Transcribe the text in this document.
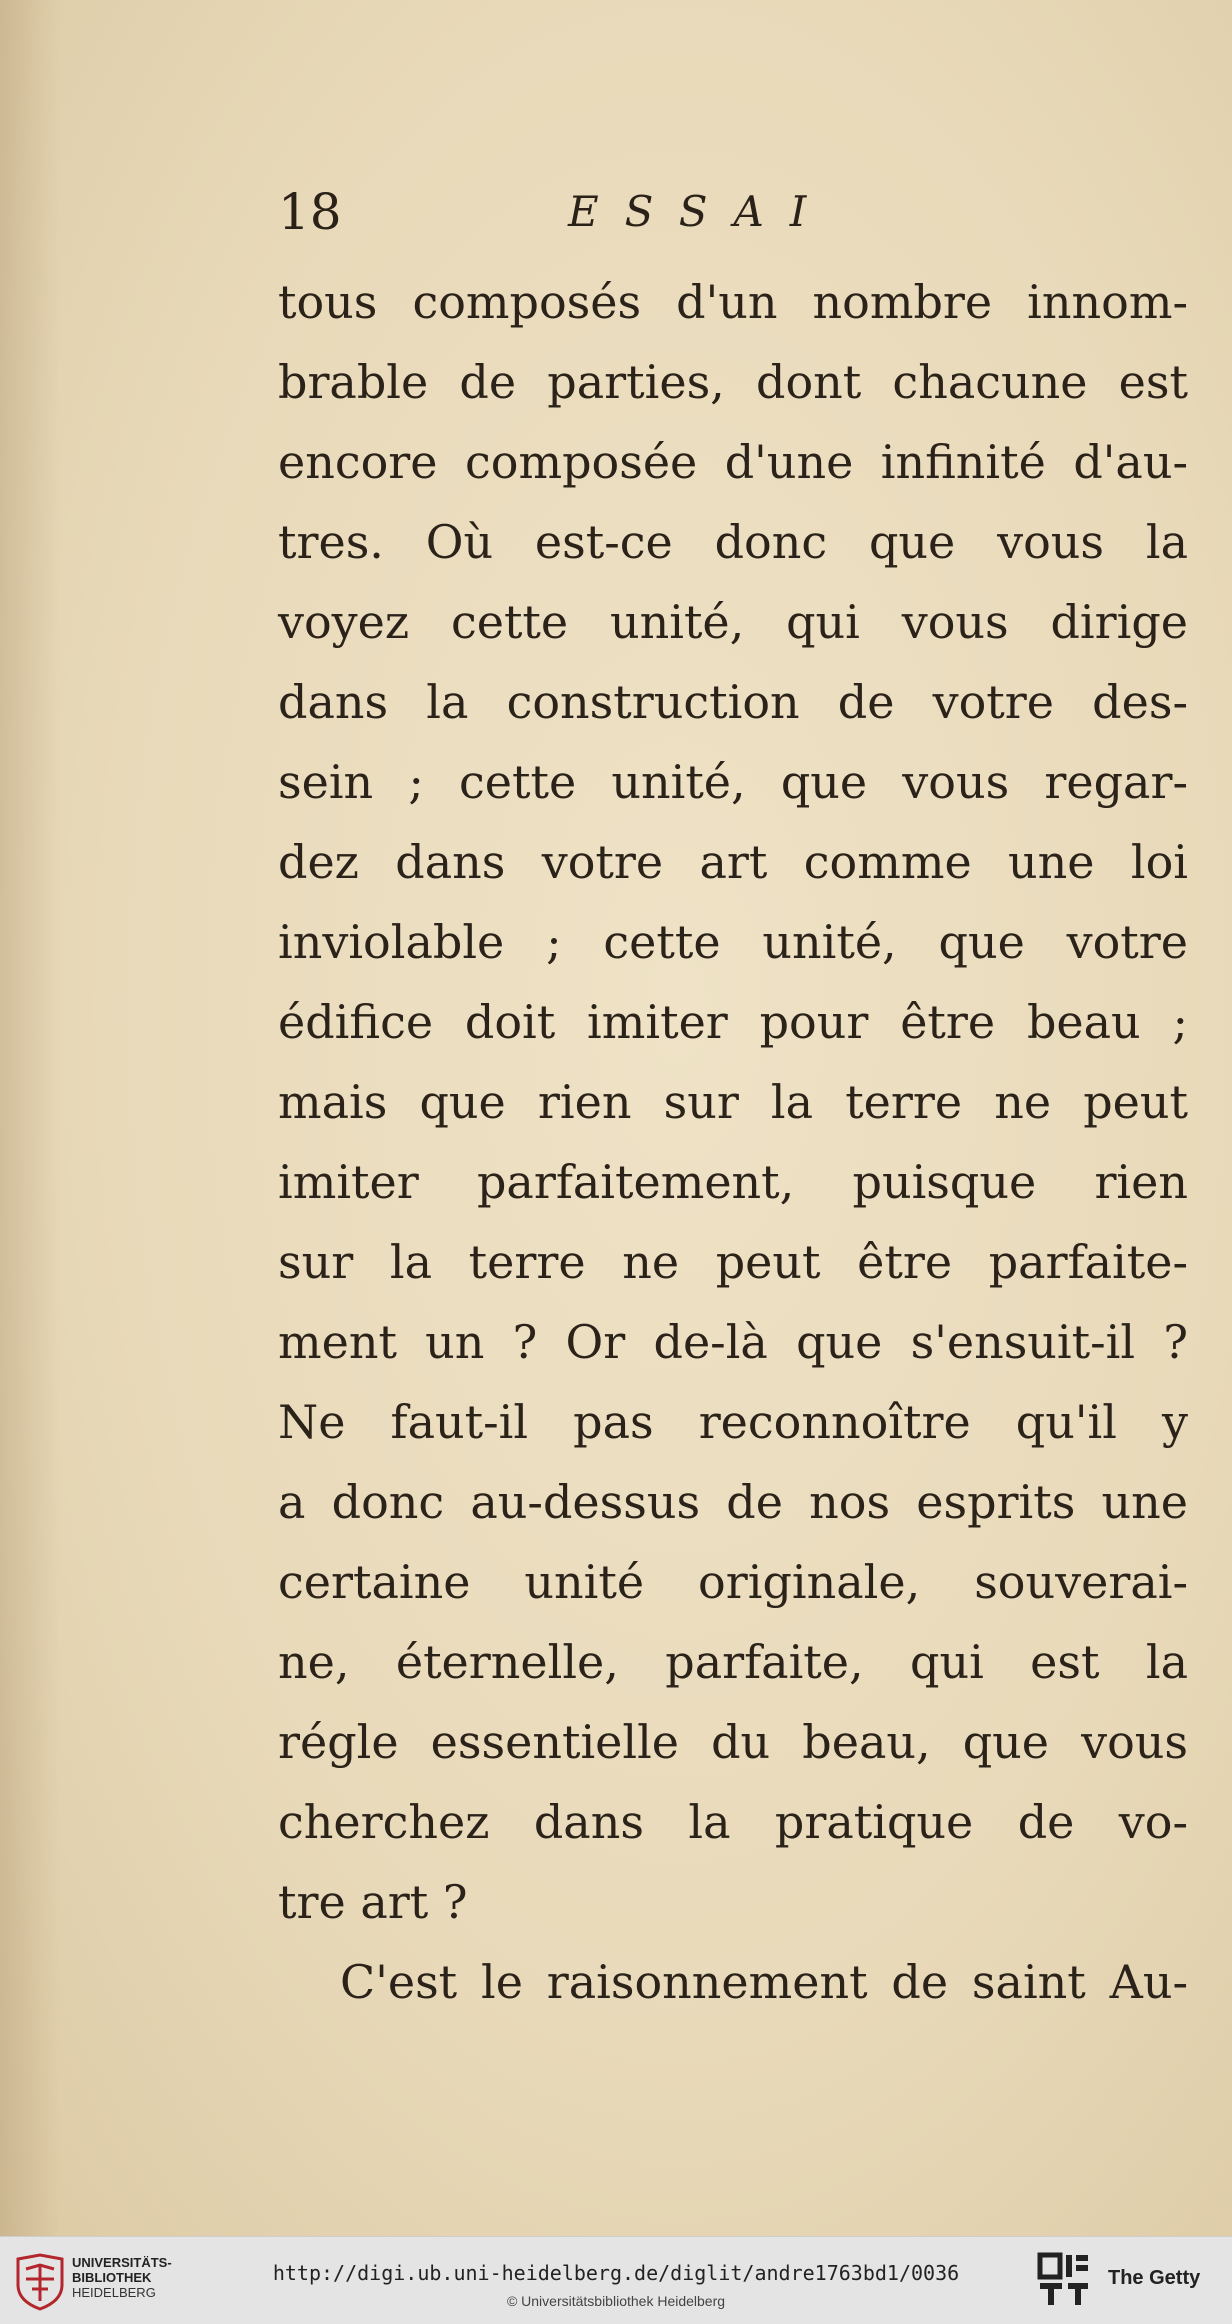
18	ESSAI
tous composés d'un nombre innom-
brable de parties, dont chacune est
encore composée d'une infinité d'au-
tres. Où est-ce donc que vous la
voyez cette unité, qui vous dirige
dans la construction de votre des-
sein ; cette unité, que vous regar-
dez dans votre art comme une loi
inviolable ; cette unité, que votre
édifice doit imiter pour être beau ;
mais que rien sur la terre ne peut
imiter parfaitement, puisque rien
sur la terre ne peut être parfaite-
ment un ? Or de-là que s'ensuit-il ?
Ne faut-il pas reconnoître qu'il y
a donc au-dessus de nos esprits une
certaine unité originale, souverai-
ne, éternelle, parfaite, qui est la
régle essentielle du beau, que vous
cherchez dans la pratique de vo-
tre art ?
C'est le raisonnement de saint Au-
UNIVERSITÄTS-
BIBLIOTHEK
HEIDELBERG
http://digi.ub.uni-heidelberg.de/diglit/andre1763bd1/0036
© Universitätsbibliothek Heidelberg
The Getty
